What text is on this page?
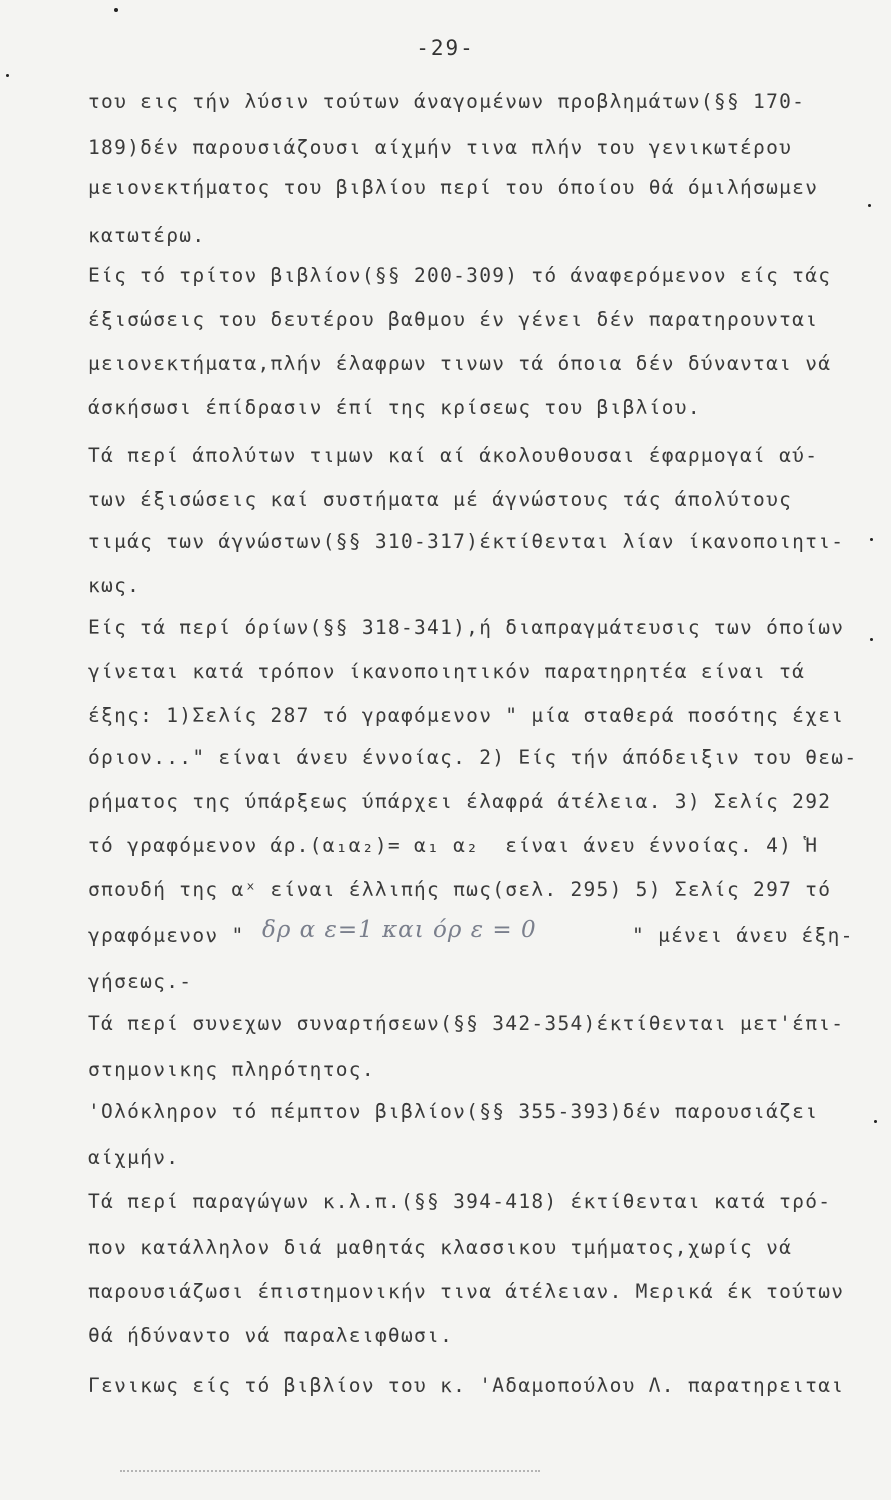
-29-
του εις τήν λύσιν τούτων άναγομένων προβλημάτων(§§ 170-
189)δέν παρουσιάζουσι αίχμήν τινα πλήν του γενικωτέρου
μειονεκτήματος του βιβλίου περί του όποίου θά όμιλήσωμεν
κατωτέρω.
Είς τό τρίτον βιβλίον(§§ 200-309) τό άναφερόμενον είς τάς
έξισώσεις του δευτέρου βαθμου έν γένει δέν παρατηρουνται
μειονεκτήματα,πλήν έλαφρων τινων τά όποια δέν δύνανται νά
άσκήσωσι έπίδρασιν έπί της κρίσεως του βιβλίου.
Τά περί άπολύτων τιμων καί αί άκολουθουσαι έφαρμογαί αύ-
των έξισώσεις καί συστήματα μέ άγνώστους τάς άπολύτους
τιμάς των άγνώστων(§§ 310-317)έκτίθενται λίαν ίκανοποιητι-
κως.
Είς τά περί όρίων(§§ 318-341),ή διαπραγμάτευσις των όποίων
γίνεται κατά τρόπον ίκανοποιητικόν παρατηρητέα είναι τά
έξης: 1)Σελίς 287 τό γραφόμενον " μία σταθερά ποσότης έχει
όριον..." είναι άνευ έννοίας. 2) Είς τήν άπόδειξιν του θεω-
ρήματος της ύπάρξεως ύπάρχει έλαφρά άτέλεια. 3) Σελίς 292
τό γραφόμενον άρ.(α₁α₂)= α₁ α₂  είναι άνευ έννοίας. 4) Ἡ
σπουδή της αˣ είναι έλλιπής πως(σελ. 295) 5) Σελίς 297 τό
γραφόμενον " δρ α ε=1 και όρ ε = 0	" μένει άνευ έξη-
γήσεως.-
Τά περί συνεχων συναρτήσεων(§§ 342-354)έκτίθενται μετ'έπι-
στημονικης πληρότητος.
'Ολόκληρον τό πέμπτον βιβλίον(§§ 355-393)δέν παρουσιάζει
αίχμήν.
Τά περί παραγώγων κ.λ.π.(§§ 394-418) έκτίθενται κατά τρό-
πον κατάλληλον διά μαθητάς κλασσικου τμήματος,χωρίς νά
παρουσιάζωσι έπιστημονικήν τινα άτέλειαν. Μερικά έκ τούτων
θά ήδύναντο νά παραλειφθωσι.
Γενικως είς τό βιβλίον του κ. 'Αδαμοπούλου Λ. παρατηρειται
